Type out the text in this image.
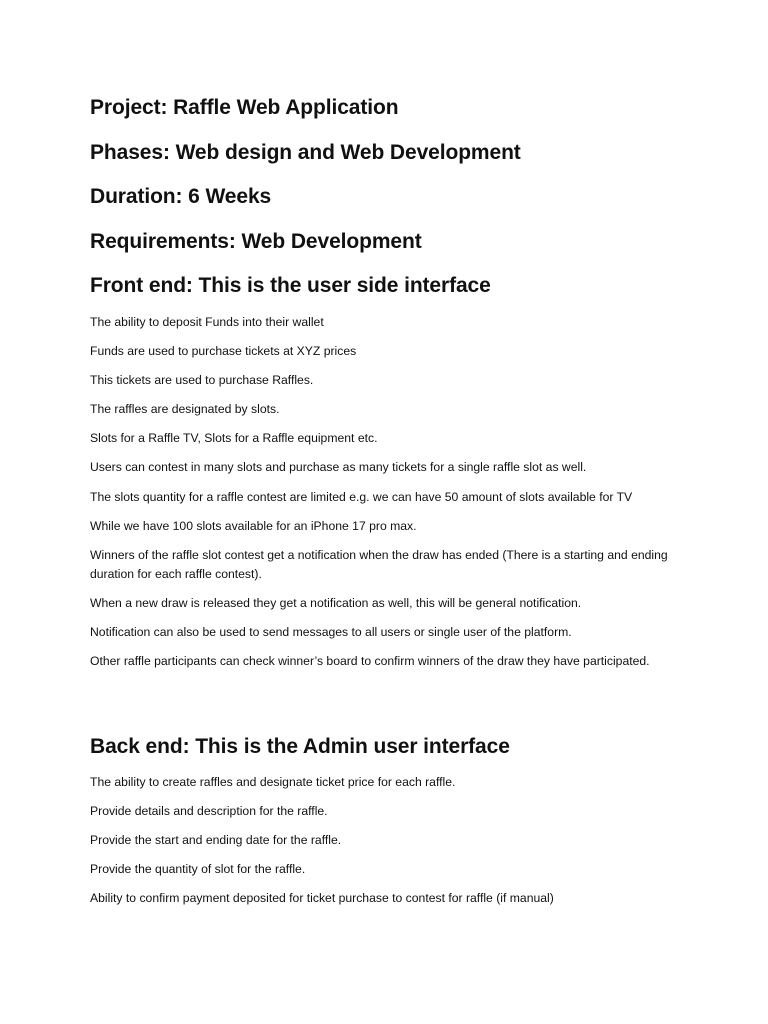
Project: Raffle Web Application
Phases: Web design and Web Development
Duration: 6 Weeks
Requirements: Web Development
Front end: This is the user side interface

The ability to deposit Funds into their wallet

Funds are used to purchase tickets at XYZ prices

This tickets are used to purchase Raffles.

The raffles are designated by slots.

Slots for a Raffle TV, Slots for a Raffle equipment etc.

Users can contest in many slots and purchase as many tickets for a single raffle slot as well.

The slots quantity for a raffle contest are limited e.g. we can have 50 amount of slots available for TV

While we have 100 slots available for an iPhone 17 pro max.

Winners of the raffle slot contest get a notification when the draw has ended (There is a starting and ending duration for each raffle contest).

When a new draw is released they get a notification as well, this will be general notification.

Notification can also be used to send messages to all users or single user of the platform.

Other raffle participants can check winner’s board to confirm winners of the draw they have participated.

Back end: This is the Admin user interface

The ability to create raffles and designate ticket price for each raffle.

Provide details and description for the raffle.

Provide the start and ending date for the raffle.

Provide the quantity of slot for the raffle.

Ability to confirm payment deposited for ticket purchase to contest for raffle (if manual)
